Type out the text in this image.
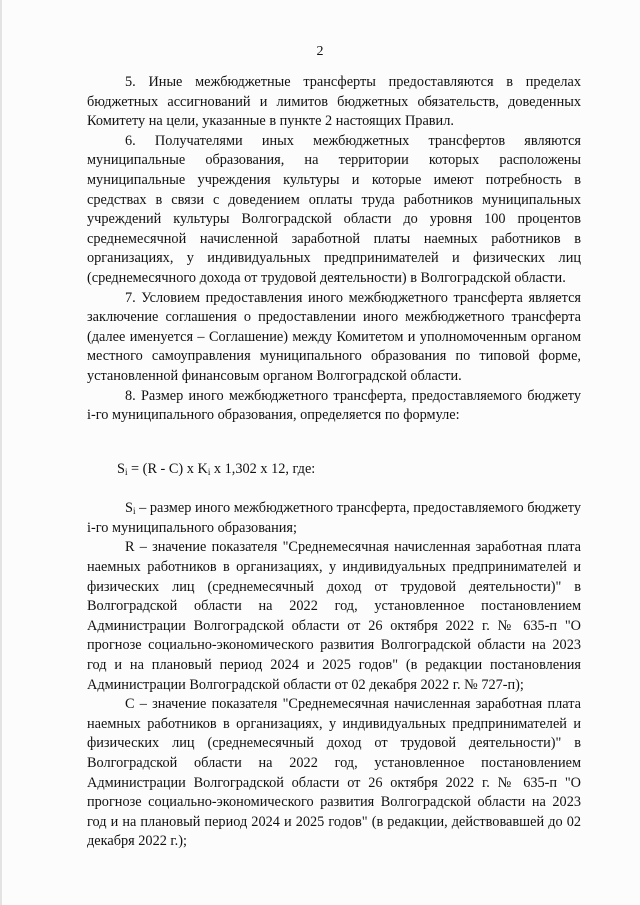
2

5. Иные межбюджетные трансферты предоставляются в пределах бюджетных ассигнований и лимитов бюджетных обязательств, доведенных Комитету на цели, указанные в пункте 2 настоящих Правил.

6. Получателями иных межбюджетных трансфертов являются муниципальные образования, на территории которых расположены муниципальные учреждения культуры и которые имеют потребность в средствах в связи с доведением оплаты труда работников муниципальных учреждений культуры Волгоградской области до уровня 100 процентов среднемесячной начисленной заработной платы наемных работников в организациях, у индивидуальных предпринимателей и физических лиц (среднемесячного дохода от трудовой деятельности) в Волгоградской области.

7. Условием предоставления иного межбюджетного трансферта является заключение соглашения о предоставлении иного межбюджетного трансферта (далее именуется – Соглашение) между Комитетом и уполномоченным органом местного самоуправления муниципального образования по типовой форме, установленной финансовым органом Волгоградской области.

8. Размер иного межбюджетного трансферта, предоставляемого бюджету i-го муниципального образования, определяется по формуле:

$S_i = (R - C)$ x $K_i$ x 1,302 x 12, где:

$S_i$ – размер иного межбюджетного трансферта, предоставляемого бюджету i-го муниципального образования;

R – значение показателя "Среднемесячная начисленная заработная плата наемных работников в организациях, у индивидуальных предпринимателей и физических лиц (среднемесячный доход от трудовой деятельности)" в Волгоградской области на 2022 год, установленное постановлением Администрации Волгоградской области от 26 октября 2022 г. № 635-п "О прогнозе социально-экономического развития Волгоградской области на 2023 год и на плановый период 2024 и 2025 годов" (в редакции постановления Администрации Волгоградской области от 02 декабря 2022 г. № 727-п);

С – значение показателя "Среднемесячная начисленная заработная плата наемных работников в организациях, у индивидуальных предпринимателей и физических лиц (среднемесячный доход от трудовой деятельности)" в Волгоградской области на 2022 год, установленное постановлением Администрации Волгоградской области от 26 октября 2022 г. № 635-п "О прогнозе социально-экономического развития Волгоградской области на 2023 год и на плановый период 2024 и 2025 годов" (в редакции, действовавшей до 02 декабря 2022 г.);
